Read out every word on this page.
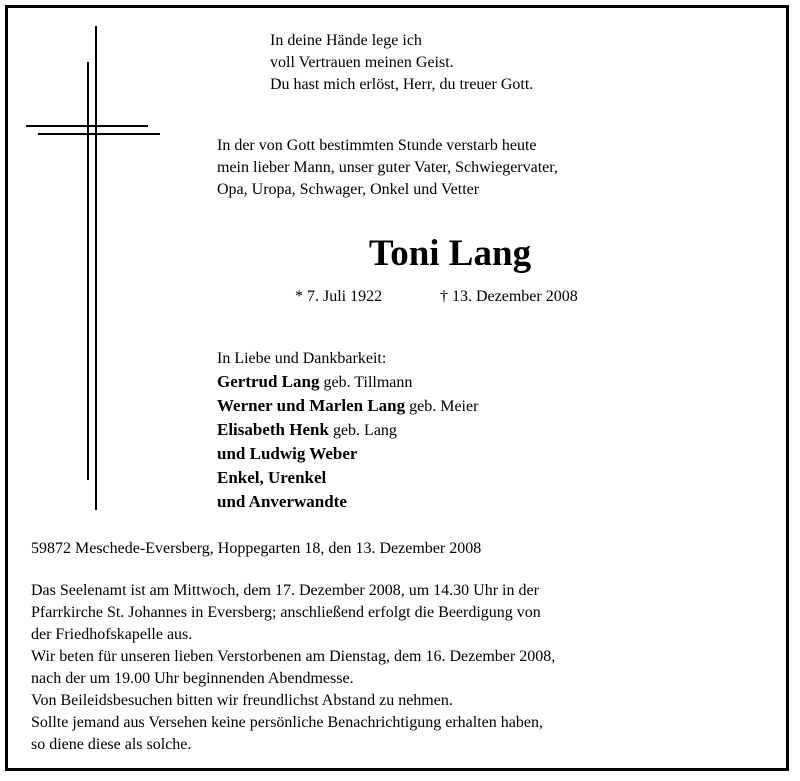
In deine Hände lege ich
voll Vertrauen meinen Geist.
Du hast mich erlöst, Herr, du treuer Gott.
In der von Gott bestimmten Stunde verstarb heute
mein lieber Mann, unser guter Vater, Schwiegervater,
Opa, Uropa, Schwager, Onkel und Vetter
Toni Lang
* 7. Juli 1922	† 13. Dezember 2008
In Liebe und Dankbarkeit:
Gertrud Lang geb. Tillmann
Werner und Marlen Lang geb. Meier
Elisabeth Henk geb. Lang
und Ludwig Weber
Enkel, Urenkel
und Anverwandte
59872 Meschede-Eversberg, Hoppegarten 18, den 13. Dezember 2008
Das Seelenamt ist am Mittwoch, dem 17. Dezember 2008, um 14.30 Uhr in der
Pfarrkirche St. Johannes in Eversberg; anschließend erfolgt die Beerdigung von
der Friedhofskapelle aus.
Wir beten für unseren lieben Verstorbenen am Dienstag, dem 16. Dezember 2008,
nach der um 19.00 Uhr beginnenden Abendmesse.
Von Beileidsbesuchen bitten wir freundlichst Abstand zu nehmen.
Sollte jemand aus Versehen keine persönliche Benachrichtigung erhalten haben,
so diene diese als solche.
